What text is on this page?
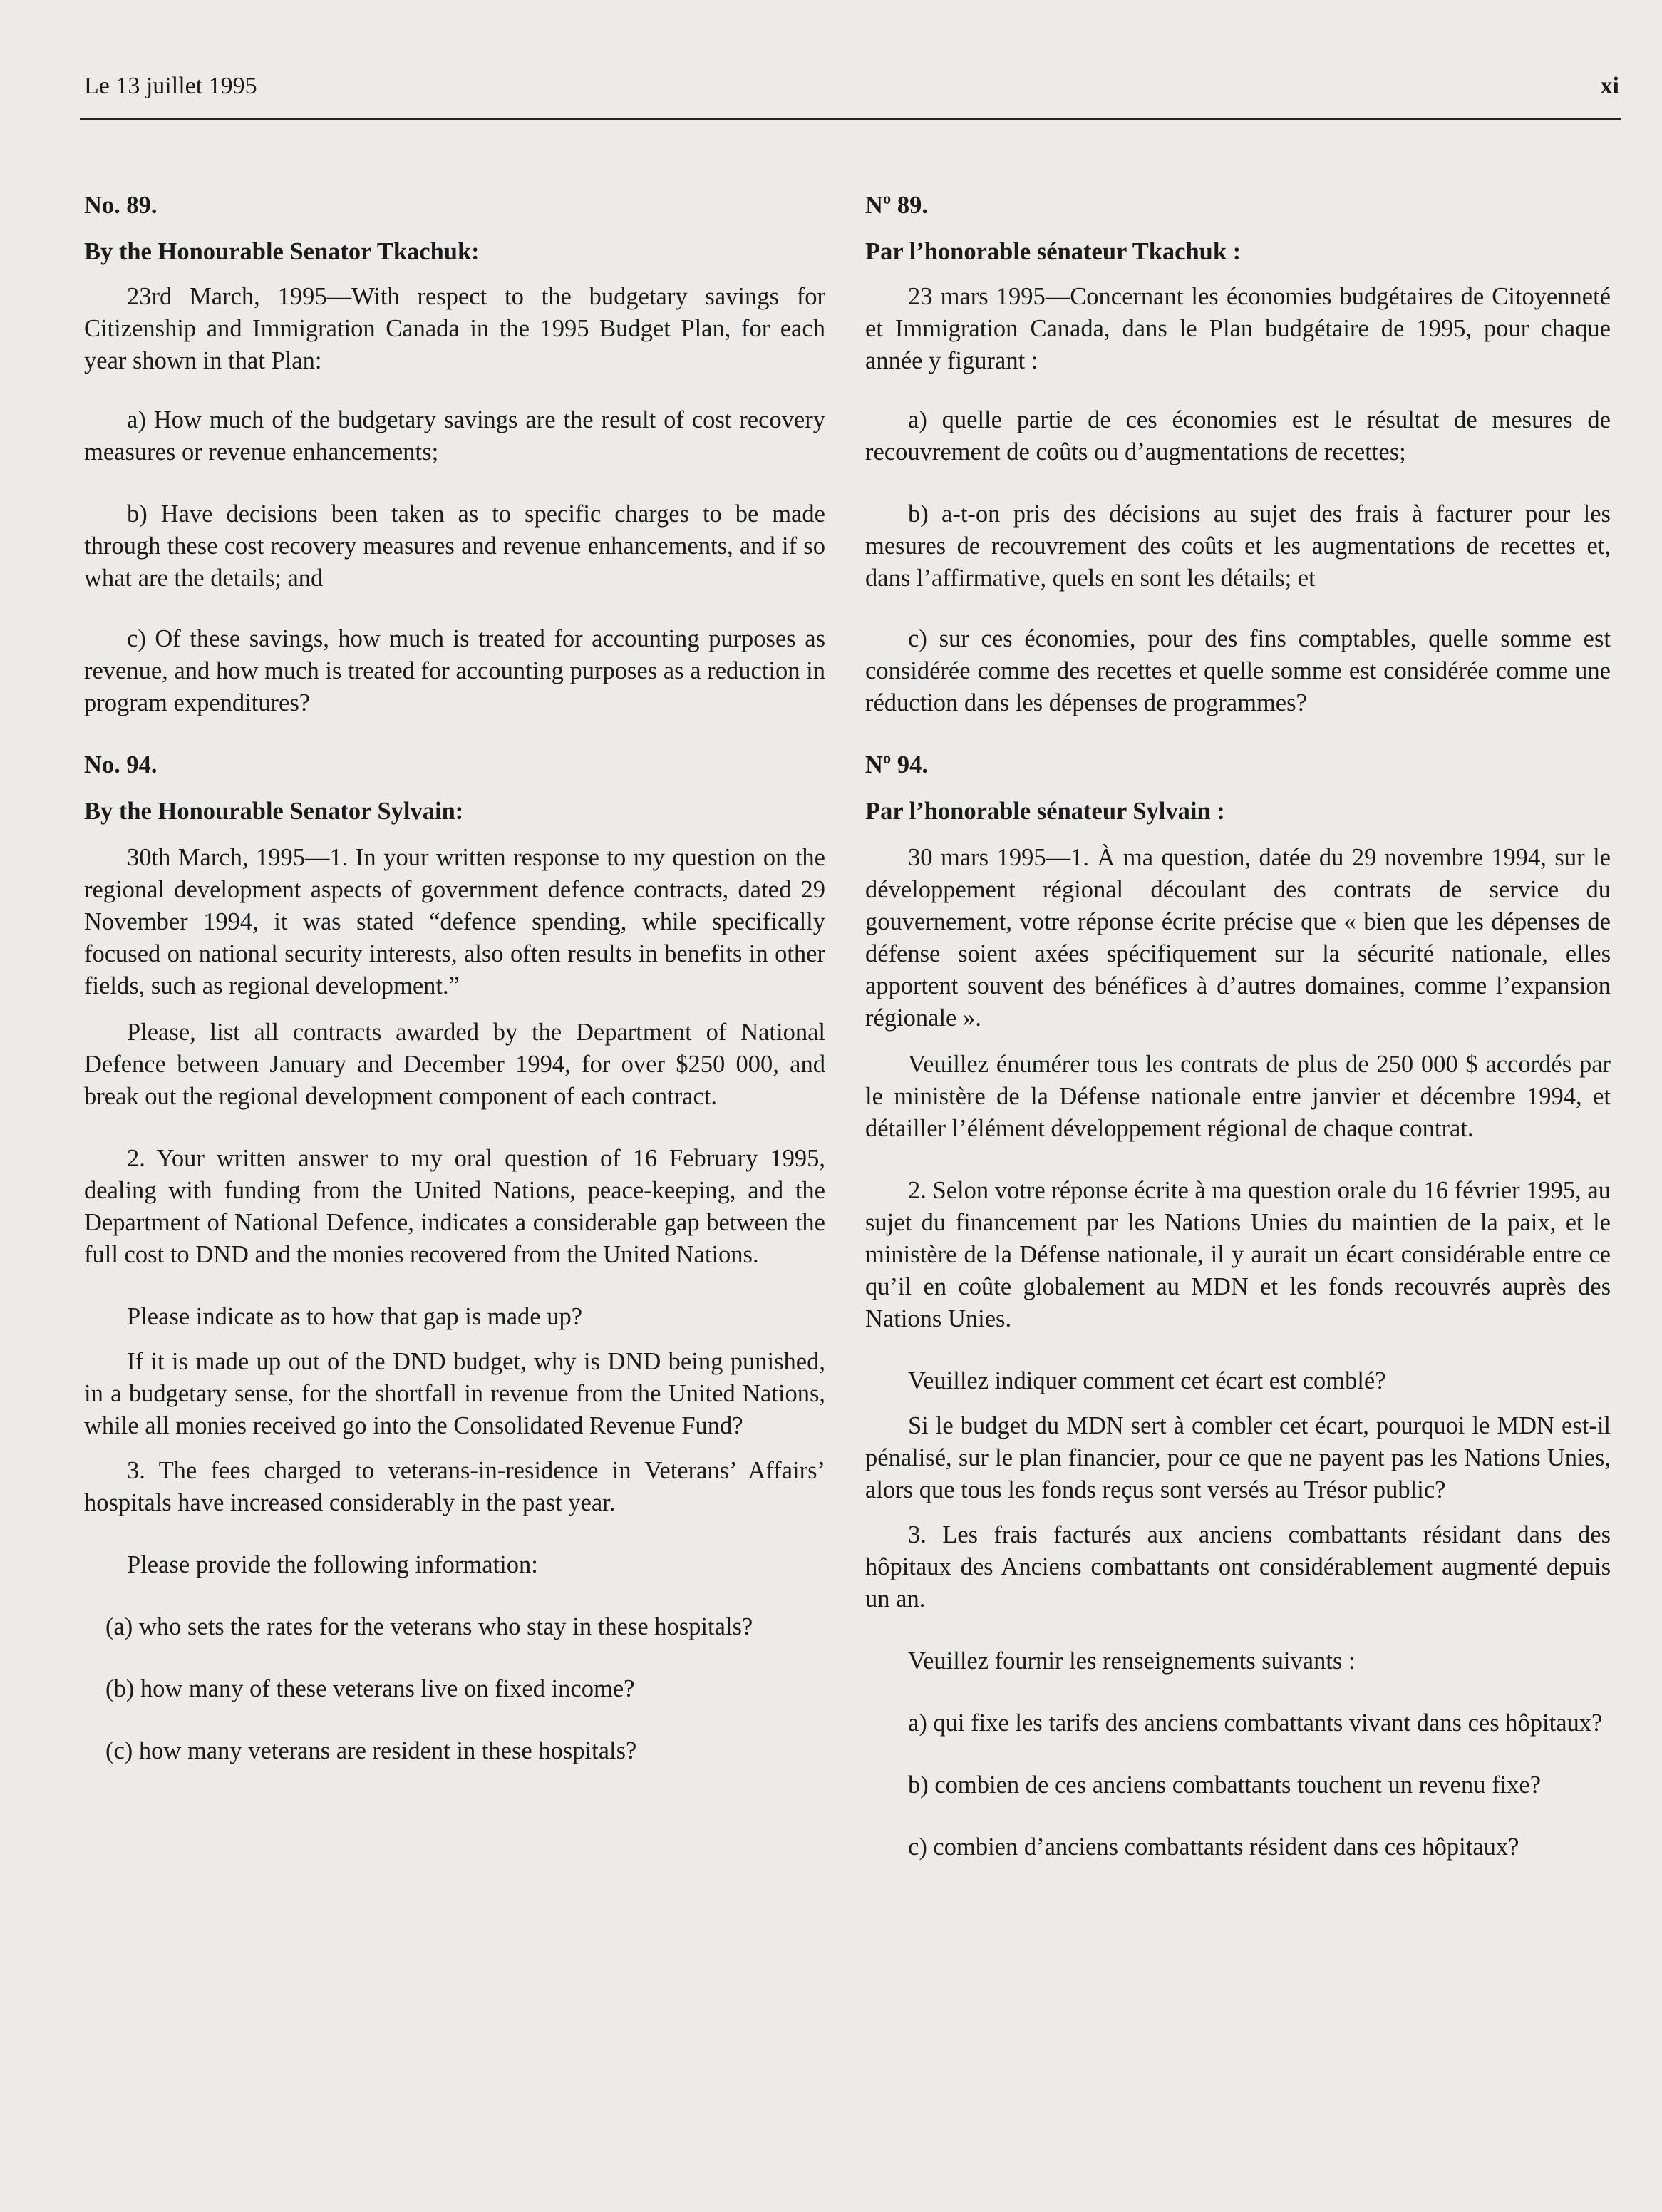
Le 13 juillet 1995	xi

No. 89.

By the Honourable Senator Tkachuk:

23rd March, 1995—With respect to the budgetary savings for Citizenship and Immigration Canada in the 1995 Budget Plan, for each year shown in that Plan:

a) How much of the budgetary savings are the result of cost recovery measures or revenue enhancements;

b) Have decisions been taken as to specific charges to be made through these cost recovery measures and revenue enhancements, and if so what are the details; and

c) Of these savings, how much is treated for accounting purposes as revenue, and how much is treated for accounting purposes as a reduction in program expenditures?

No. 94.

By the Honourable Senator Sylvain:

30th March, 1995—1. In your written response to my question on the regional development aspects of government defence contracts, dated 29 November 1994, it was stated “defence spending, while specifically focused on national security interests, also often results in benefits in other fields, such as regional development.”

Please, list all contracts awarded by the Department of National Defence between January and December 1994, for over $250 000, and break out the regional development component of each contract.

2. Your written answer to my oral question of 16 February 1995, dealing with funding from the United Nations, peace-keeping, and the Department of National Defence, indicates a considerable gap between the full cost to DND and the monies recovered from the United Nations.

Please indicate as to how that gap is made up?

If it is made up out of the DND budget, why is DND being punished, in a budgetary sense, for the shortfall in revenue from the United Nations, while all monies received go into the Consolidated Revenue Fund?

3. The fees charged to veterans-in-residence in Veterans’ Affairs’ hospitals have increased considerably in the past year.

Please provide the following information:

(a) who sets the rates for the veterans who stay in these hospitals?

(b) how many of these veterans live on fixed income?

(c) how many veterans are resident in these hospitals?

Nº 89.

Par l’honorable sénateur Tkachuk :

23 mars 1995—Concernant les économies budgétaires de Citoyenneté et Immigration Canada, dans le Plan budgétaire de 1995, pour chaque année y figurant :

a) quelle partie de ces économies est le résultat de mesures de recouvrement de coûts ou d’augmentations de recettes;

b) a-t-on pris des décisions au sujet des frais à facturer pour les mesures de recouvrement des coûts et les augmentations de recettes et, dans l’affirmative, quels en sont les détails; et

c) sur ces économies, pour des fins comptables, quelle somme est considérée comme des recettes et quelle somme est considérée comme une réduction dans les dépenses de programmes?

Nº 94.

Par l’honorable sénateur Sylvain :

30 mars 1995—1. À ma question, datée du 29 novembre 1994, sur le développement régional découlant des contrats de service du gouvernement, votre réponse écrite précise que « bien que les dépenses de défense soient axées spécifiquement sur la sécurité nationale, elles apportent souvent des bénéfices à d’autres domaines, comme l’expansion régionale ».

Veuillez énumérer tous les contrats de plus de 250 000 $ accordés par le ministère de la Défense nationale entre janvier et décembre 1994, et détailler l’élément développement régional de chaque contrat.

2. Selon votre réponse écrite à ma question orale du 16 février 1995, au sujet du financement par les Nations Unies du maintien de la paix, et le ministère de la Défense nationale, il y aurait un écart considérable entre ce qu’il en coûte globalement au MDN et les fonds recouvrés auprès des Nations Unies.

Veuillez indiquer comment cet écart est comblé?

Si le budget du MDN sert à combler cet écart, pourquoi le MDN est-il pénalisé, sur le plan financier, pour ce que ne payent pas les Nations Unies, alors que tous les fonds reçus sont versés au Trésor public?

3. Les frais facturés aux anciens combattants résidant dans des hôpitaux des Anciens combattants ont considérablement augmenté depuis un an.

Veuillez fournir les renseignements suivants :

a) qui fixe les tarifs des anciens combattants vivant dans ces hôpitaux?

b) combien de ces anciens combattants touchent un revenu fixe?

c) combien d’anciens combattants résident dans ces hôpitaux?
